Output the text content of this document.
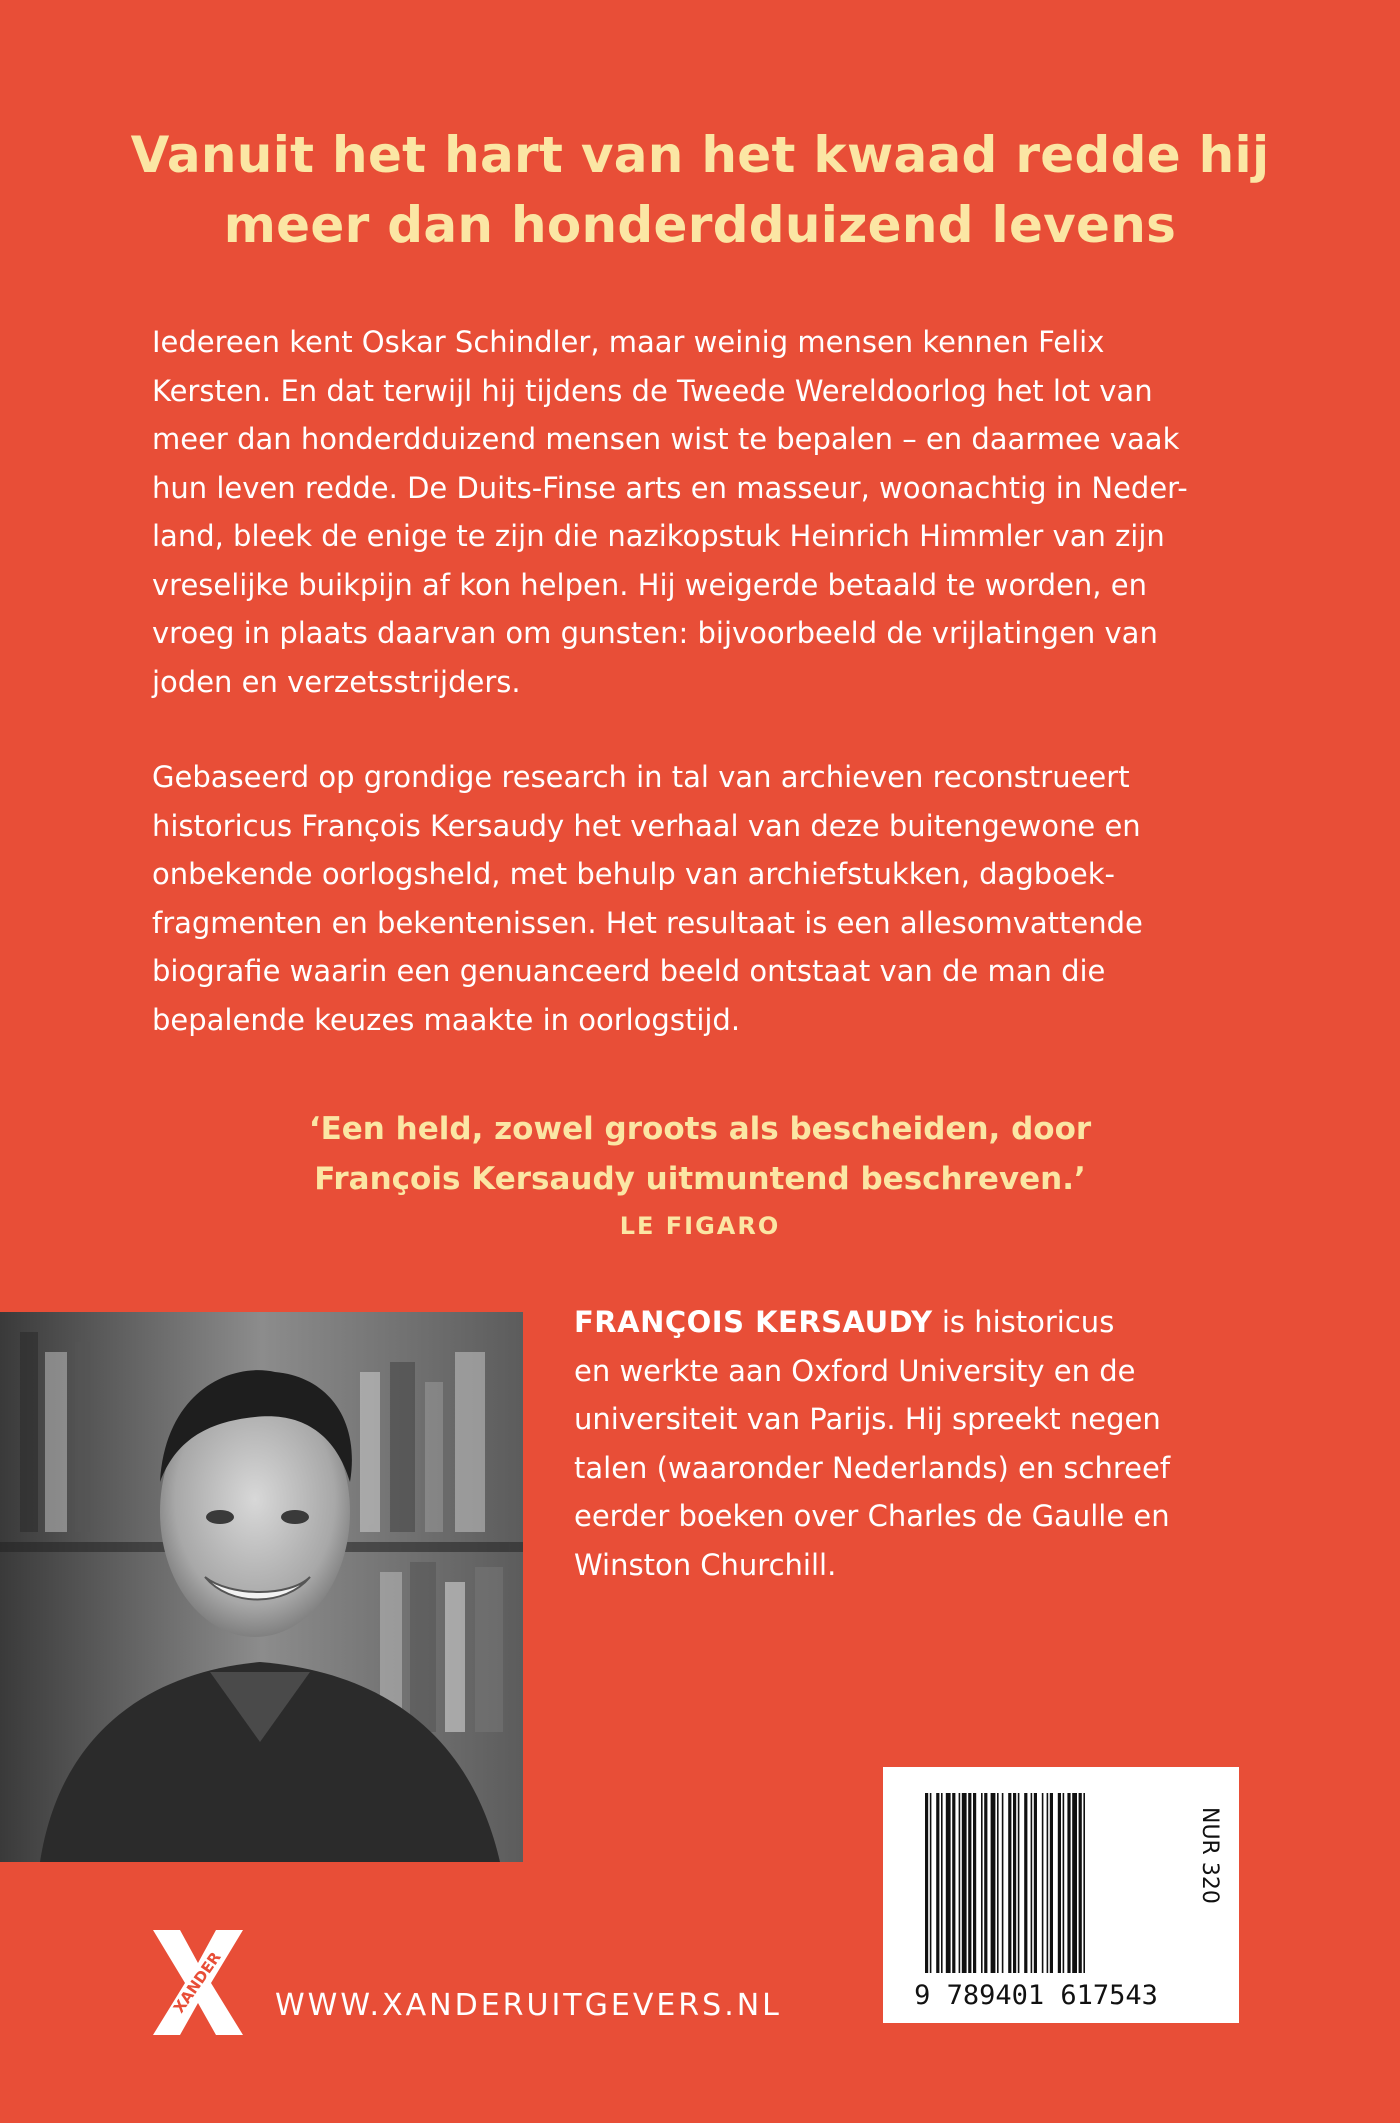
Vanuit het hart van het kwaad redde hij
meer dan honderdduizend levens
Iedereen kent Oskar Schindler, maar weinig mensen kennen Felix
Kersten. En dat terwijl hij tijdens de Tweede Wereldoorlog het lot van
meer dan honderdduizend mensen wist te bepalen – en daarmee vaak
hun leven redde. De Duits-Finse arts en masseur, woonachtig in Neder-
land, bleek de enige te zijn die nazikopstuk Heinrich Himmler van zijn
vreselijke buikpijn af kon helpen. Hij weigerde betaald te worden, en
vroeg in plaats daarvan om gunsten: bijvoorbeeld de vrijlatingen van
joden en verzetsstrijders.
Gebaseerd op grondige research in tal van archieven reconstrueert
historicus François Kersaudy het verhaal van deze buitengewone en
onbekende oorlogsheld, met behulp van archiefstukken, dagboek-
fragmenten en bekentenissen. Het resultaat is een allesomvattende
biografie waarin een genuanceerd beeld ontstaat van de man die
bepalende keuzes maakte in oorlogstijd.
‘Een held, zowel groots als bescheiden, door
François Kersaudy uitmuntend beschreven.’
LE FIGARO
FRANÇOIS KERSAUDY is historicus
en werkte aan Oxford University en de
universiteit van Parijs. Hij spreekt negen
talen (waaronder Nederlands) en schreef
eerder boeken over Charles de Gaulle en
Winston Churchill.
9 789401 617543
NUR 320
XANDER WWW.XANDERUITGEVERS.NL
